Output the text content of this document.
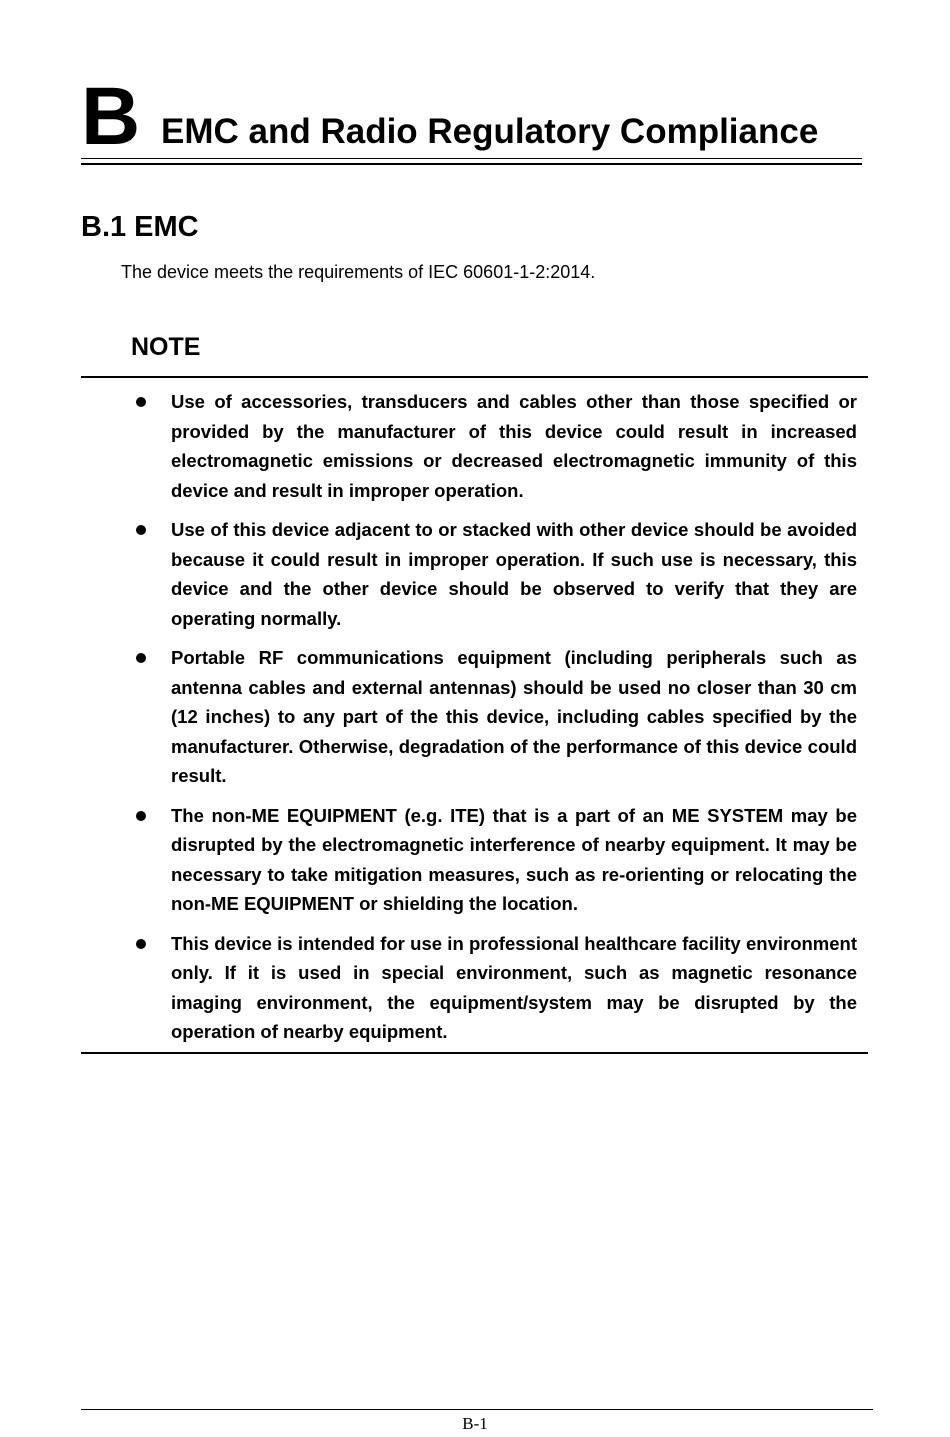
B EMC and Radio Regulatory Compliance
B.1 EMC
The device meets the requirements of IEC 60601-1-2:2014.
NOTE
Use of accessories, transducers and cables other than those specified or provided by the manufacturer of this device could result in increased electromagnetic emissions or decreased electromagnetic immunity of this device and result in improper operation.
Use of this device adjacent to or stacked with other device should be avoided because it could result in improper operation. If such use is necessary, this device and the other device should be observed to verify that they are operating normally.
Portable RF communications equipment (including peripherals such as antenna cables and external antennas) should be used no closer than 30 cm (12 inches) to any part of the this device, including cables specified by the manufacturer. Otherwise, degradation of the performance of this device could result.
The non-ME EQUIPMENT (e.g. ITE) that is a part of an ME SYSTEM may be disrupted by the electromagnetic interference of nearby equipment. It may be necessary to take mitigation measures, such as re-orienting or relocating the non-ME EQUIPMENT or shielding the location.
This device is intended for use in professional healthcare facility environment only. If it is used in special environment, such as magnetic resonance imaging environment, the equipment/system may be disrupted by the operation of nearby equipment.
B-1
